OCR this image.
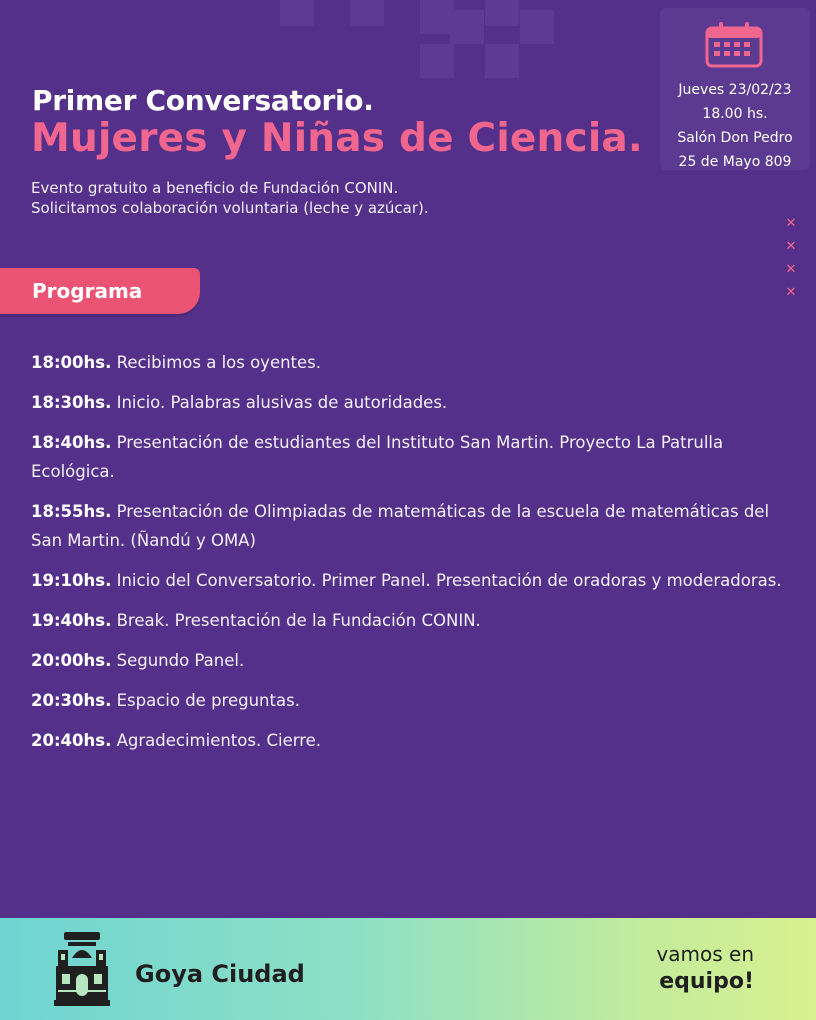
Primer Conversatorio.
Mujeres y Niñas de Ciencia.
Evento gratuito a beneficio de Fundación CONIN.
Solicitamos colaboración voluntaria (leche y azúcar).
Jueves 23/02/23
18.00 hs.
Salón Don Pedro
25 de Mayo 809
✕
✕
✕
✕
Programa
18:00hs. Recibimos a los oyentes.
18:30hs. Inicio. Palabras alusivas de autoridades.
18:40hs. Presentación de estudiantes del Instituto San Martin. Proyecto La Patrulla Ecológica.
18:55hs. Presentación de Olimpiadas de matemáticas de la escuela de matemáticas del San Martin. (Ñandú y OMA)
19:10hs. Inicio del Conversatorio. Primer Panel. Presentación de oradoras y moderadoras.
19:40hs. Break. Presentación de la Fundación CONIN.
20:00hs. Segundo Panel.
20:30hs. Espacio de preguntas.
20:40hs. Agradecimientos. Cierre.
Goya Ciudad
vamos en
equipo!
